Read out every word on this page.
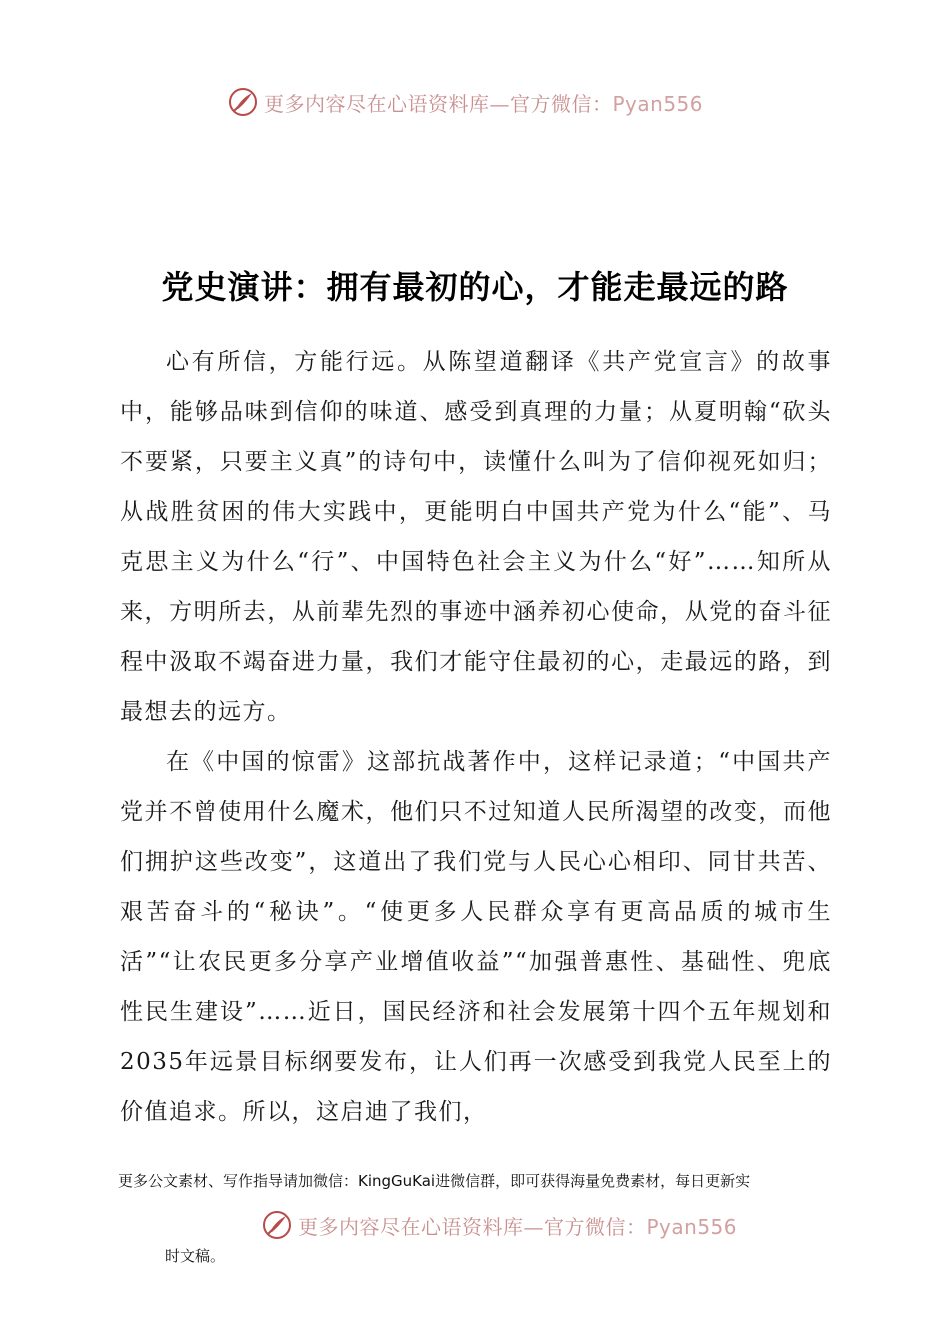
更多内容尽在心语资料库—官方微信：Pyan556
党史演讲：拥有最初的心，才能走最远的路

心有所信，方能行远。从陈望道翻译《共产党宣言》的故事中，能够品味到信仰的味道、感受到真理的力量；从夏明翰“砍头不要紧，只要主义真”的诗句中，读懂什么叫为了信仰视死如归；从战胜贫困的伟大实践中，更能明白中国共产党为什么“能”、马克思主义为什么“行”、中国特色社会主义为什么“好”……知所从来，方明所去，从前辈先烈的事迹中涵养初心使命，从党的奋斗征程中汲取不竭奋进力量，我们才能守住最初的心，走最远的路，到最想去的远方。

在《中国的惊雷》这部抗战著作中，这样记录道；“中国共产党并不曾使用什么魔术，他们只不过知道人民所渴望的改变，而他们拥护这些改变”，这道出了我们党与人民心心相印、同甘共苦、艰苦奋斗的“秘诀”。“使更多人民群众享有更高品质的城市生活”“让农民更多分享产业增值收益”“加强普惠性、基础性、兜底性民生建设”……近日，国民经济和社会发展第十四个五年规划和2035年远景目标纲要发布，让人们再一次感受到我党人民至上的价值追求。所以，这启迪了我们，

更多公文素材、写作指导请加微信：KingGuKai进微信群，即可获得海量免费素材，每日更新实
更多内容尽在心语资料库—官方微信：Pyan556
时文稿。
